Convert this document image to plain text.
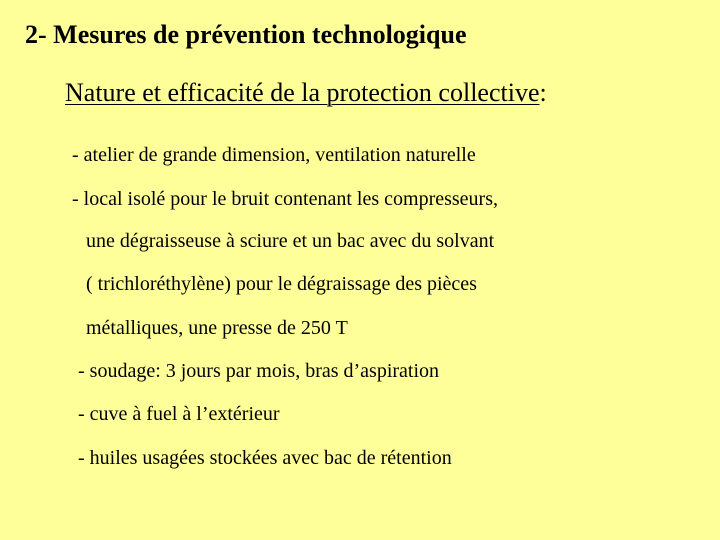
2- Mesures de prévention technologique

Nature et efficacité de la protection collective:

- atelier de grande dimension, ventilation naturelle

- local isolé pour le bruit contenant les compresseurs,

une dégraisseuse à sciure et un bac avec du solvant

( trichloréthylène) pour le dégraissage des pièces

métalliques, une presse de 250 T

- soudage: 3 jours par mois, bras d’aspiration

- cuve à fuel à l’extérieur

- huiles usagées stockées avec bac de rétention
